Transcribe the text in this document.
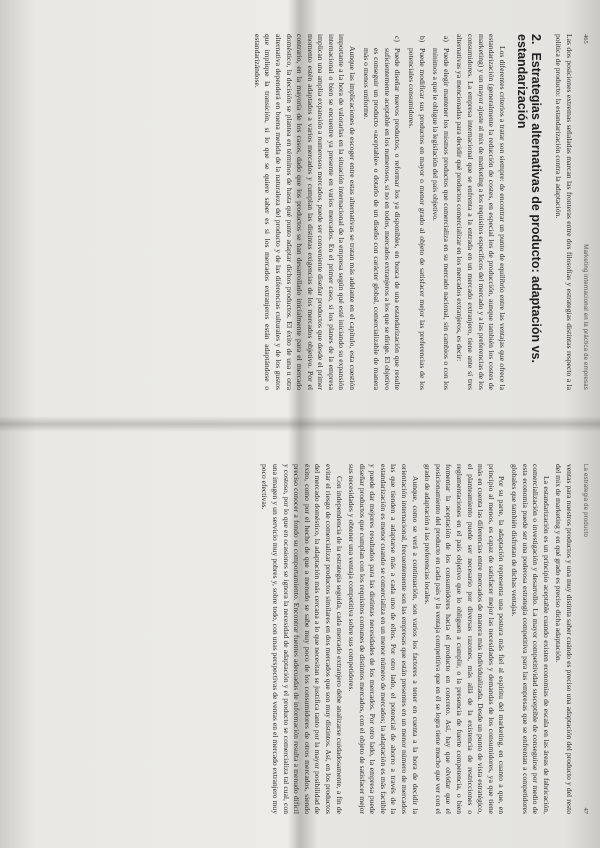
465
Marketing internacional en la práctica de empresas

Las dos posiciones extremas señaladas marcan las fronteras entre dos filosofías y estrategias distintas respecto a la política de producto: la estandarización contra la adaptación.

2.Estrategias alternativas de producto: adaptación vs. estandarización

Los diferentes criterios a tratar son siempre: de encontrar un punto de equilibrio entre las ventajas que ofrece la estandarización (generalmente la reducción de costes, en especial los de producción, aunque también los costes de marketing) y un mayor ajuste al mix de marketing a los requisitos específicos del mercado y a las preferencias de los consumidores. La empresa internacional que se enfrenta a la entrada en un mercado extranjero, tiene ante sí tres alternativas ya mencionadas para decidir qué productos comercializar en los mercados extranjeros, es decir:

a)
Puede elegir mantener los mismos productos que comercializa en su mercado nacional, sin cambios o con los mínimos a que le obligue la legislación del país objetivo.
b)
Puede modificar sus productos en mayor o menor grado al objeto de satisfacer mejor las preferencias de los potenciales consumidores.
c)
Puede diseñar nuevos productos, o reformar los ya disponibles, en busca de una estandarización que resulte suficientemente aceptable en los numerosos, si no en todos, mercados extranjeros a los que se dirige. El objetivo es conseguir un producto «aceptable» o dotarlo de un diseño con carácter global, comercializable de manera más o menos uniforme.

Aunque las implicaciones de escoger entre estas alternativas se tratan más adelante en el capítulo, esta cuestión importante a la hora de valorarlas en la situación internacional de la empresa según qué esté iniciando su expansión internacional o bien se encuentre ya presente en varios mercados. En el primer caso, si los planes de la empresa implican una amplia expansión a numerosos mercados, puede ser conveniente diseñar productos que desde el primer momento estén adaptados a varios mercados y cumplan las distintas exigencias de los mercados objetivo. Por el contrario, en la mayoría de los casos, dado que los productos se han desarrollado inicialmente para el mercado doméstico, la decisión se plantea en términos de hasta qué punto adaptar dichos productos. El éxito de una u otra alternativa dependerá en buena medida de la naturaleza del producto y de las diferencias culturales y de los gustos que implique la transición, si lo que se quiere saber es si los mercados extranjeros están adaptándose o estandarizándose.

La estrategia de producto
47

ventas para nuestros productos y una muy distinta saber cuándo es preciso una adaptación del producto y del resto del mix de marketing y en qué grado es preciso dicha adaptación.

La estandarización es un principio aceptable cuando existen economías de escala en las áreas de fabricación, comercialización o investigación y desarrollo. La mayor competitividad susceptible de conseguirse por medio de esta economía puede ser una poderosa estrategia competitiva para las empresas que se enfrentan a competidores globales que también disfrutan de dichas ventajas.

Por su parte, la adaptación representa una postura más fiel al espíritu del marketing, en cuanto a que, en principio al menos, es capaz de satisfacer mejor las necesidades y demandas de los consumidores, ya que tiene más en cuenta las diferencias entre mercados de manera más individualizada. Desde un punto de vista estratégico, el planteamiento puede ser necesario por diversas razones, más allá de la existencia de restricciones o reglamentaciones en el país objetivo que lo obliguen a cumplir, o la presencia de fuerte competencia, o bien fomentar la aceptación de los consumidores hacia el producto en concreto. Así, hay que olvidar que el posicionamiento del producto en cada país y la ventaja competitiva que en él se logra tiene mucho que ver con el grado de adaptación a las preferencias locales.

Aunque, como se verá a continuación, son varios los factores a tener en cuenta a la hora de decidir la orientación internacional, frecuentemente son las empresas que están presentes en un menor número de mercados las que tienden a adaptarse más a cada uno de ellos. Por otro lado, el potencial de ahorro a través de la estandarización es menor cuando se comercializa en un menor número de mercados; la adaptación es más factible y puede dar mejores resultados para las distintas necesidades de los mercados. Por otro lado, la empresa puede diseñar productos que cumplan con los requisitos comunes de distintos mercados, con el objeto de satisfacer mejor sus necesidades y obtener una ventaja competitiva sobre sus competidores.

Con independencia de la estrategia seguida, cada mercado extranjero debe analizarse cuidadosamente, a fin de evitar el riesgo de comercializar productos similares en dos mercados que son muy distintos. Así, en los productos del mercado doméstico, la adaptación más cercana a lo que necesitan se justifica tanto por la mayor posibilidad de éxito, como por el hecho de que a menudo se sabe muy poco de los consumidores de otros mercados, siendo preciso conocer a fondo su comportamiento. Encontrar fuentes adecuadas de información resulta a menudo difícil y costoso, por lo que en ocasiones se ignora la necesidad de adaptación y el producto se comercializa tal cual, con una imagen y un servicio muy pobres y, sobre todo, con unas perspectivas de ventas en el mercado extranjero muy poco efectivas.
